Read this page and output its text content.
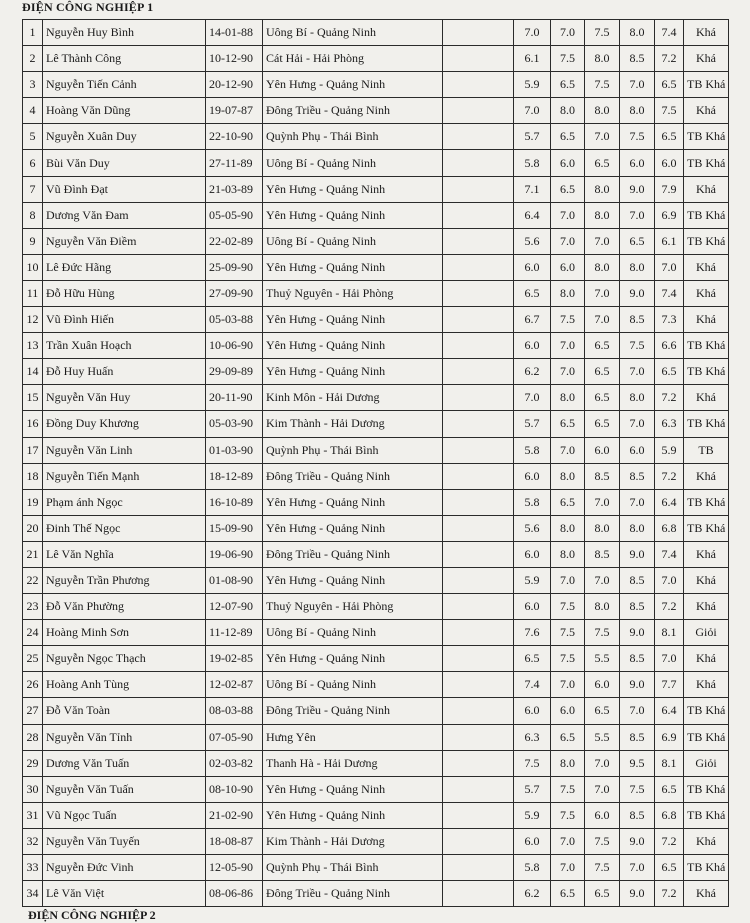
ĐIỆN CÔNG NGHIỆP 1
1	Nguyễn Huy Bình	14-01-88	Uông Bí - Quảng Ninh		7.0	7.0	7.5	8.0	7.4	Khá
2	Lê Thành Công	10-12-90	Cát Hải - Hải Phòng		6.1	7.5	8.0	8.5	7.2	Khá
3	Nguyễn Tiến Cảnh	20-12-90	Yên Hưng - Quảng Ninh		5.9	6.5	7.5	7.0	6.5	TB Khá
4	Hoàng Văn Dũng	19-07-87	Đông Triều - Quảng Ninh		7.0	8.0	8.0	8.0	7.5	Khá
5	Nguyễn Xuân Duy	22-10-90	Quỳnh Phụ - Thái Bình		5.7	6.5	7.0	7.5	6.5	TB Khá
6	Bùi Văn Duy	27-11-89	Uông Bí - Quảng Ninh		5.8	6.0	6.5	6.0	6.0	TB Khá
7	Vũ Đình Đạt	21-03-89	Yên Hưng - Quảng Ninh		7.1	6.5	8.0	9.0	7.9	Khá
8	Dương Văn Đam	05-05-90	Yên Hưng - Quảng Ninh		6.4	7.0	8.0	7.0	6.9	TB Khá
9	Nguyễn Văn Điềm	22-02-89	Uông Bí - Quảng Ninh		5.6	7.0	7.0	6.5	6.1	TB Khá
10	Lê Đức Hãng	25-09-90	Yên Hưng - Quảng Ninh		6.0	6.0	8.0	8.0	7.0	Khá
11	Đỗ Hữu Hùng	27-09-90	Thuỷ Nguyên - Hải Phòng		6.5	8.0	7.0	9.0	7.4	Khá
12	Vũ Đình Hiến	05-03-88	Yên Hưng - Quảng Ninh		6.7	7.5	7.0	8.5	7.3	Khá
13	Trần Xuân Hoạch	10-06-90	Yên Hưng - Quảng Ninh		6.0	7.0	6.5	7.5	6.6	TB Khá
14	Đỗ Huy Huấn	29-09-89	Yên Hưng - Quảng Ninh		6.2	7.0	6.5	7.0	6.5	TB Khá
15	Nguyễn Văn Huy	20-11-90	Kinh Môn - Hải Dương		7.0	8.0	6.5	8.0	7.2	Khá
16	Đồng Duy Khương	05-03-90	Kim Thành - Hải Dương		5.7	6.5	6.5	7.0	6.3	TB Khá
17	Nguyễn Văn Linh	01-03-90	Quỳnh Phụ - Thái Bình		5.8	7.0	6.0	6.0	5.9	TB
18	Nguyễn Tiến Mạnh	18-12-89	Đông Triều - Quảng Ninh		6.0	8.0	8.5	8.5	7.2	Khá
19	Phạm ánh Ngọc	16-10-89	Yên Hưng - Quảng Ninh		5.8	6.5	7.0	7.0	6.4	TB Khá
20	Đinh Thế Ngọc	15-09-90	Yên Hưng - Quảng Ninh		5.6	8.0	8.0	8.0	6.8	TB Khá
21	Lê Văn Nghĩa	19-06-90	Đông Triều - Quảng Ninh		6.0	8.0	8.5	9.0	7.4	Khá
22	Nguyễn Trần Phương	01-08-90	Yên Hưng - Quảng Ninh		5.9	7.0	7.0	8.5	7.0	Khá
23	Đỗ Văn Phường	12-07-90	Thuỷ Nguyên - Hải Phòng		6.0	7.5	8.0	8.5	7.2	Khá
24	Hoàng Minh Sơn	11-12-89	Uông Bí - Quảng Ninh		7.6	7.5	7.5	9.0	8.1	Giỏi
25	Nguyễn Ngọc Thạch	19-02-85	Yên Hưng - Quảng Ninh		6.5	7.5	5.5	8.5	7.0	Khá
26	Hoàng Anh Tùng	12-02-87	Uông Bí - Quảng Ninh		7.4	7.0	6.0	9.0	7.7	Khá
27	Đỗ Văn Toàn	08-03-88	Đông Triều - Quảng Ninh		6.0	6.0	6.5	7.0	6.4	TB Khá
28	Nguyễn Văn Tỉnh	07-05-90	Hưng Yên		6.3	6.5	5.5	8.5	6.9	TB Khá
29	Dương Văn Tuấn	02-03-82	Thanh Hà - Hải Dương		7.5	8.0	7.0	9.5	8.1	Giỏi
30	Nguyễn Văn Tuấn	08-10-90	Yên Hưng - Quảng Ninh		5.7	7.5	7.0	7.5	6.5	TB Khá
31	Vũ Ngọc Tuấn	21-02-90	Yên Hưng - Quảng Ninh		5.9	7.5	6.0	8.5	6.8	TB Khá
32	Nguyễn Văn Tuyến	18-08-87	Kim Thành - Hải Dương		6.0	7.0	7.5	9.0	7.2	Khá
33	Nguyễn Đức Vinh	12-05-90	Quỳnh Phụ - Thái Bình		5.8	7.0	7.5	7.0	6.5	TB Khá
34	Lê Văn Việt	08-06-86	Đông Triều - Quảng Ninh		6.2	6.5	6.5	9.0	7.2	Khá
ĐIỆN CÔNG NGHIỆP 2
